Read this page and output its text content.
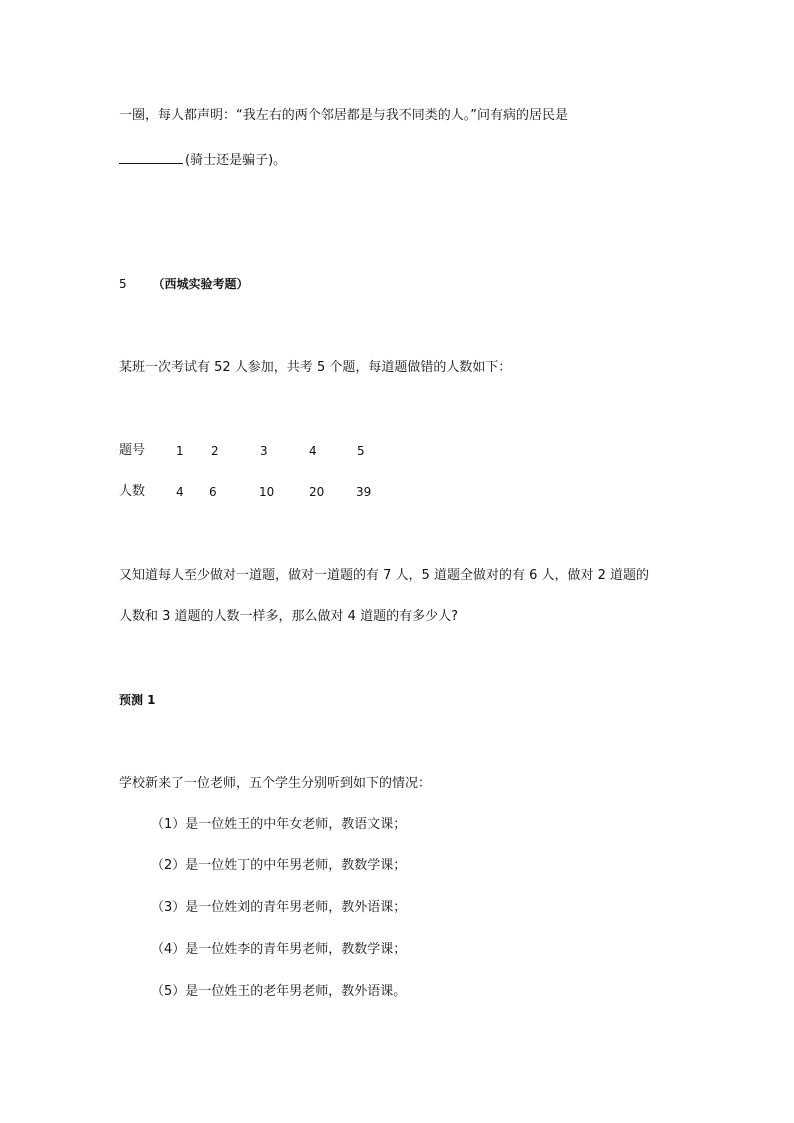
一圈，每人都声明：“我左右的两个邻居都是与我不同类的人。”问有病的居民是
(骑士还是骗子)。
5 （西城实验考题）
某班一次考试有 52 人参加，共考 5 个题，每道题做错的人数如下：
题号	1 2	3	4	5
人数	4 6	10	20	39
又知道每人至少做对一道题，做对一道题的有 7 人，5 道题全做对的有 6 人，做对 2 道题的
人数和 3 道题的人数一样多，那么做对 4 道题的有多少人?
预测 1
学校新来了一位老师，五个学生分别听到如下的情况：
（1）是一位姓王的中年女老师，教语文课；
（2）是一位姓丁的中年男老师，教数学课；
（3）是一位姓刘的青年男老师，教外语课；
（4）是一位姓李的青年男老师，教数学课；
（5）是一位姓王的老年男老师，教外语课。
